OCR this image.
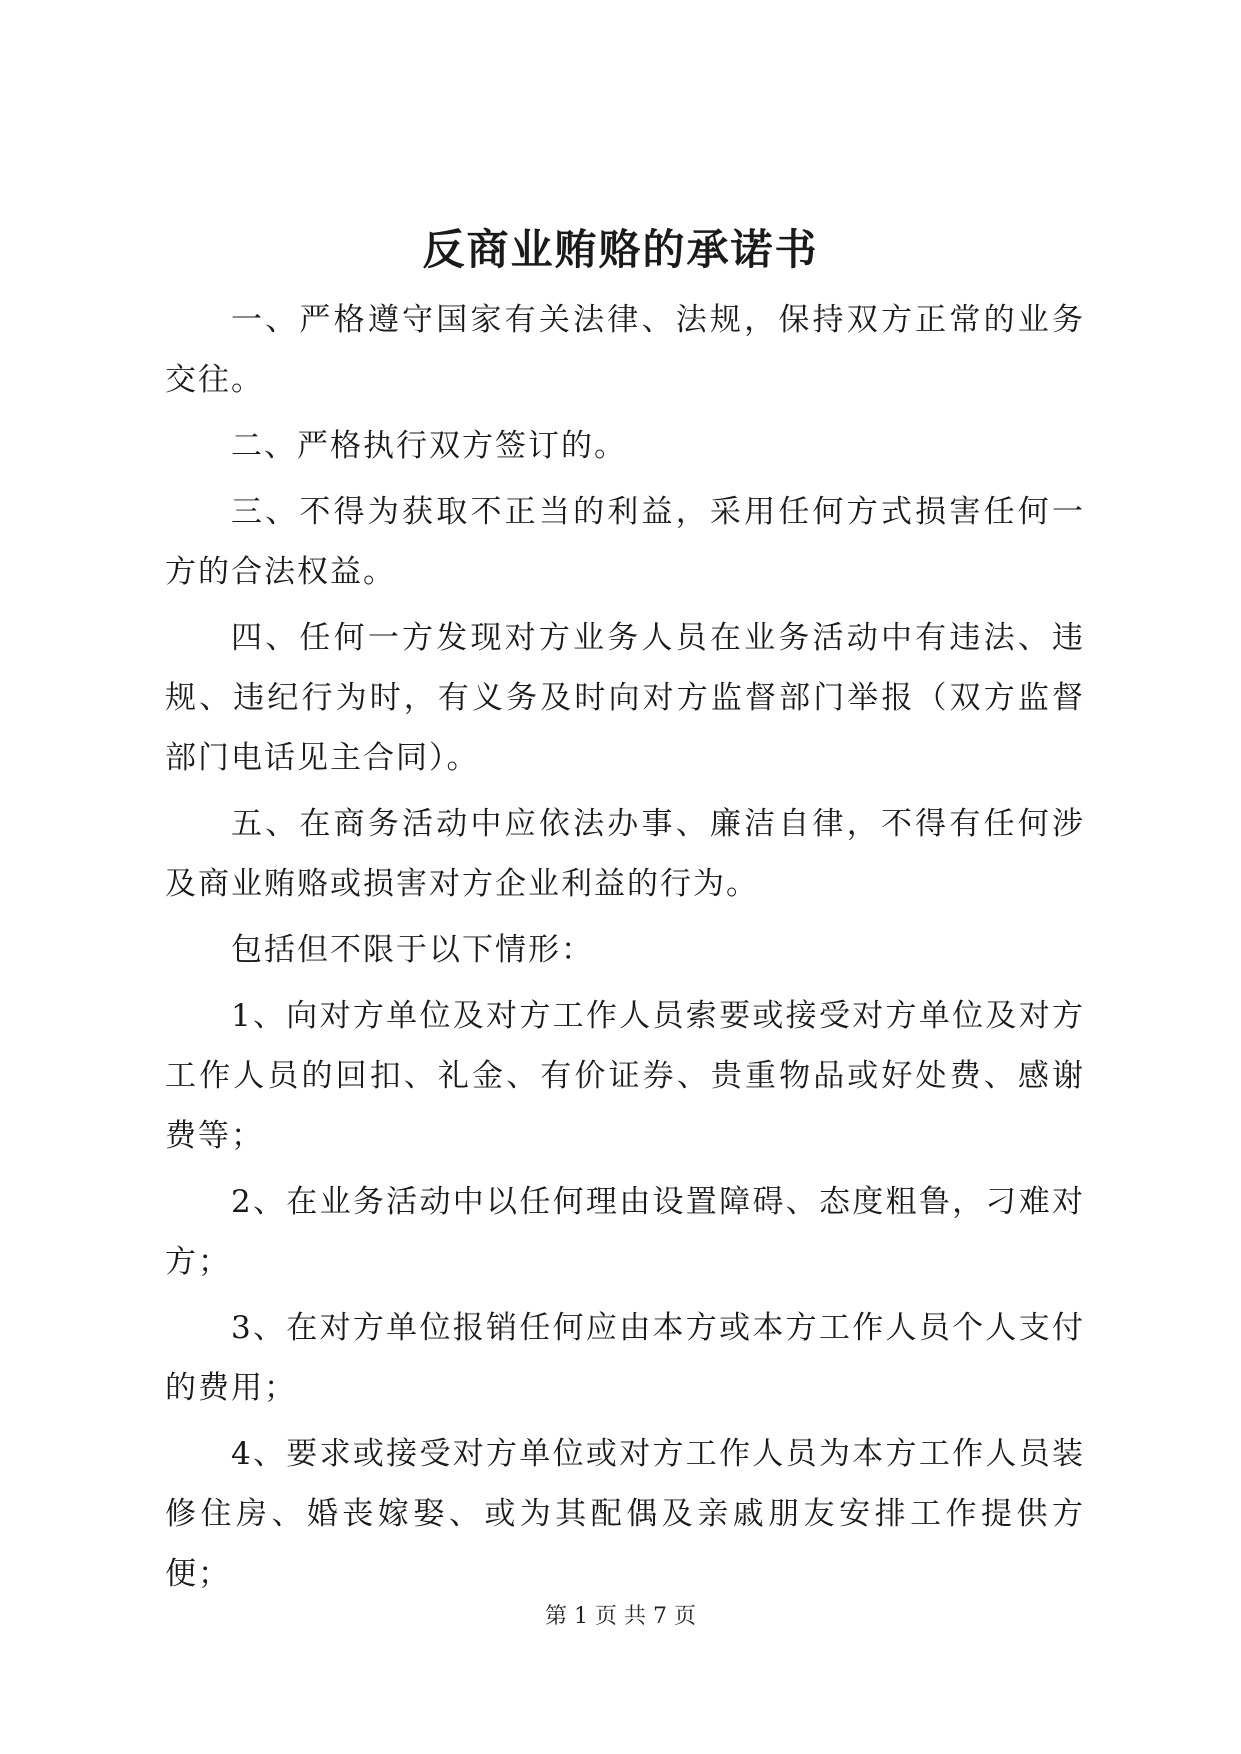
反商业贿赂的承诺书

一、严格遵守国家有关法律、法规，保持双方正常的业务交往。

二、严格执行双方签订的。

三、不得为获取不正当的利益，采用任何方式损害任何一方的合法权益。

四、任何一方发现对方业务人员在业务活动中有违法、违规、违纪行为时，有义务及时向对方监督部门举报（双方监督部门电话见主合同）。

五、在商务活动中应依法办事、廉洁自律，不得有任何涉及商业贿赂或损害对方企业利益的行为。

包括但不限于以下情形：

1、向对方单位及对方工作人员索要或接受对方单位及对方工作人员的回扣、礼金、有价证券、贵重物品或好处费、感谢费等；

2、在业务活动中以任何理由设置障碍、态度粗鲁，刁难对方；

3、在对方单位报销任何应由本方或本方工作人员个人支付的费用；

4、要求或接受对方单位或对方工作人员为本方工作人员装修住房、婚丧嫁娶、或为其配偶及亲戚朋友安排工作提供方便；

第 1 页 共 7 页
